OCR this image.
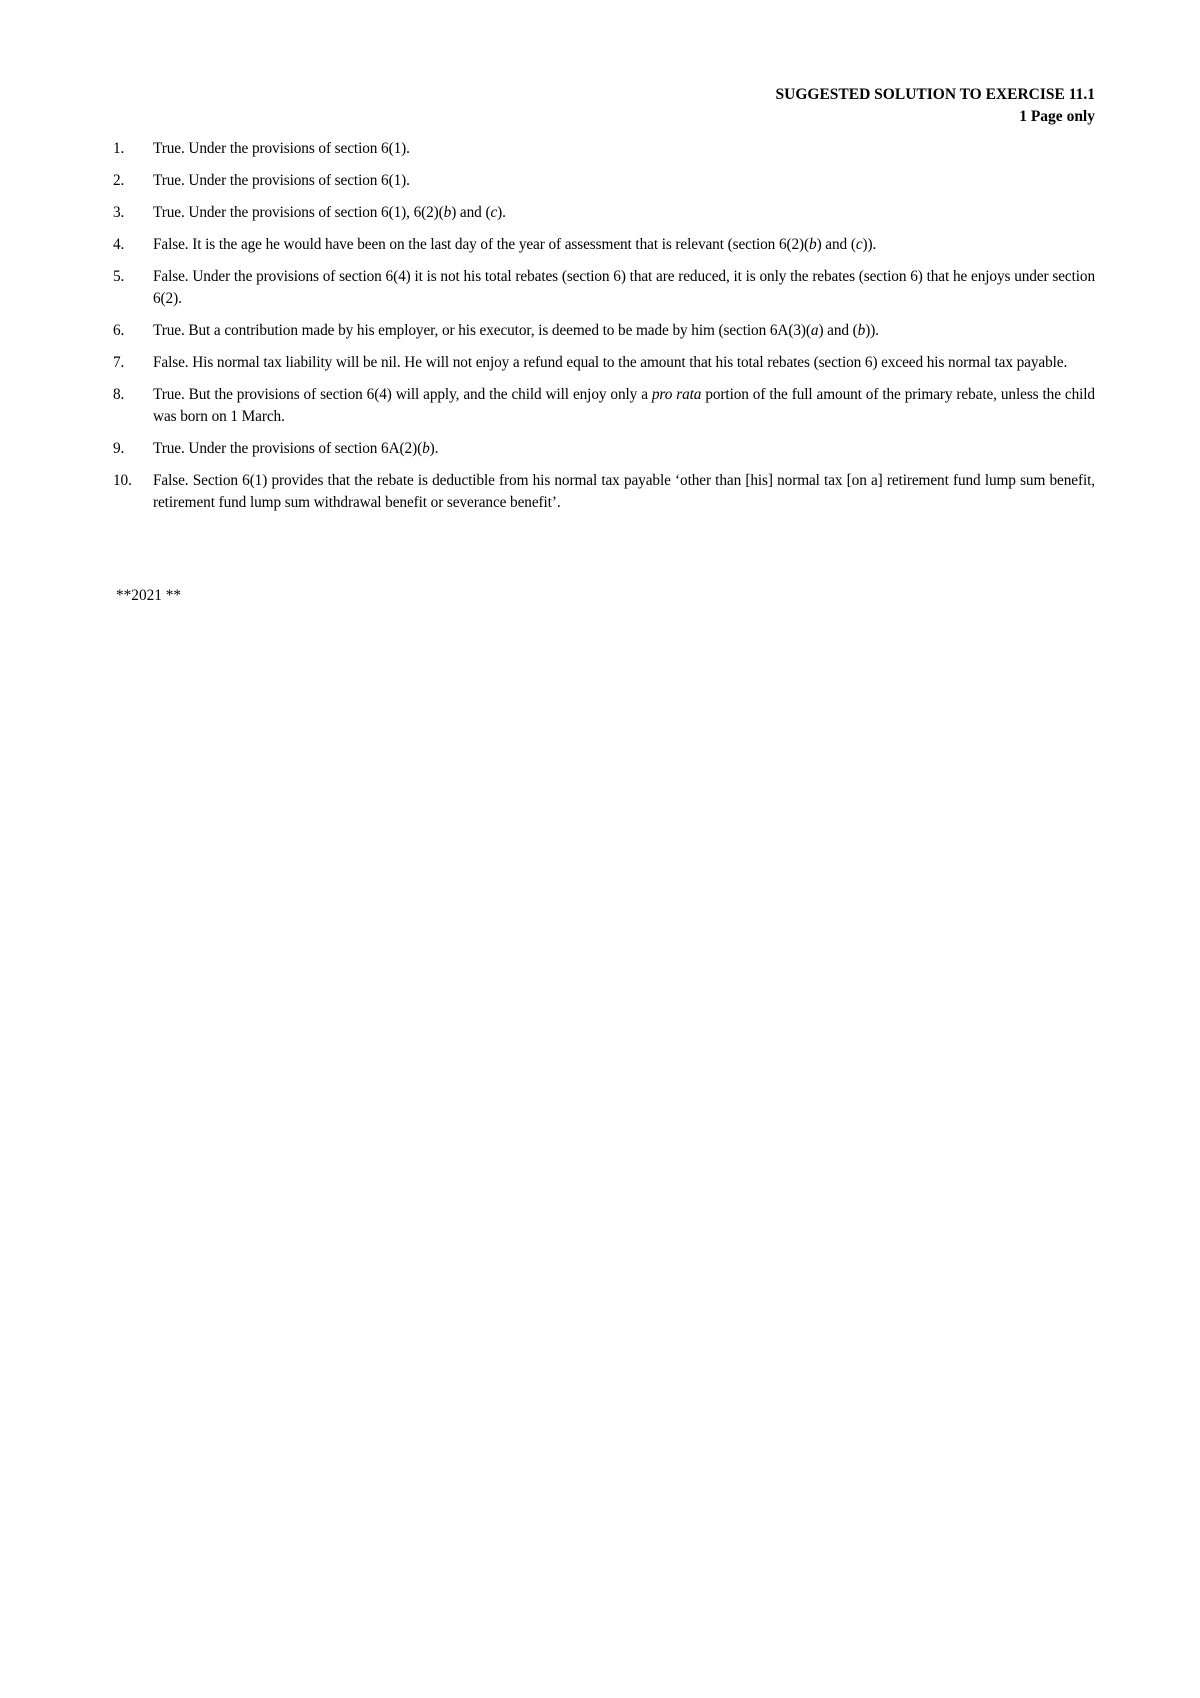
SUGGESTED SOLUTION TO EXERCISE 11.1
1 Page only
1. True. Under the provisions of section 6(1).
2. True. Under the provisions of section 6(1).
3. True. Under the provisions of section 6(1), 6(2)(b) and (c).
4. False. It is the age he would have been on the last day of the year of assessment that is relevant (section 6(2)(b) and (c)).
5. False. Under the provisions of section 6(4) it is not his total rebates (section 6) that are reduced, it is only the rebates (section 6) that he enjoys under section 6(2).
6. True. But a contribution made by his employer, or his executor, is deemed to be made by him (section 6A(3)(a) and (b)).
7. False. His normal tax liability will be nil. He will not enjoy a refund equal to the amount that his total rebates (section 6) exceed his normal tax payable.
8. True. But the provisions of section 6(4) will apply, and the child will enjoy only a pro rata portion of the full amount of the primary rebate, unless the child was born on 1 March.
9. True. Under the provisions of section 6A(2)(b).
10. False. Section 6(1) provides that the rebate is deductible from his normal tax payable ‘other than [his] normal tax [on a] retirement fund lump sum benefit, retirement fund lump sum withdrawal benefit or severance benefit’.
**2021 **
